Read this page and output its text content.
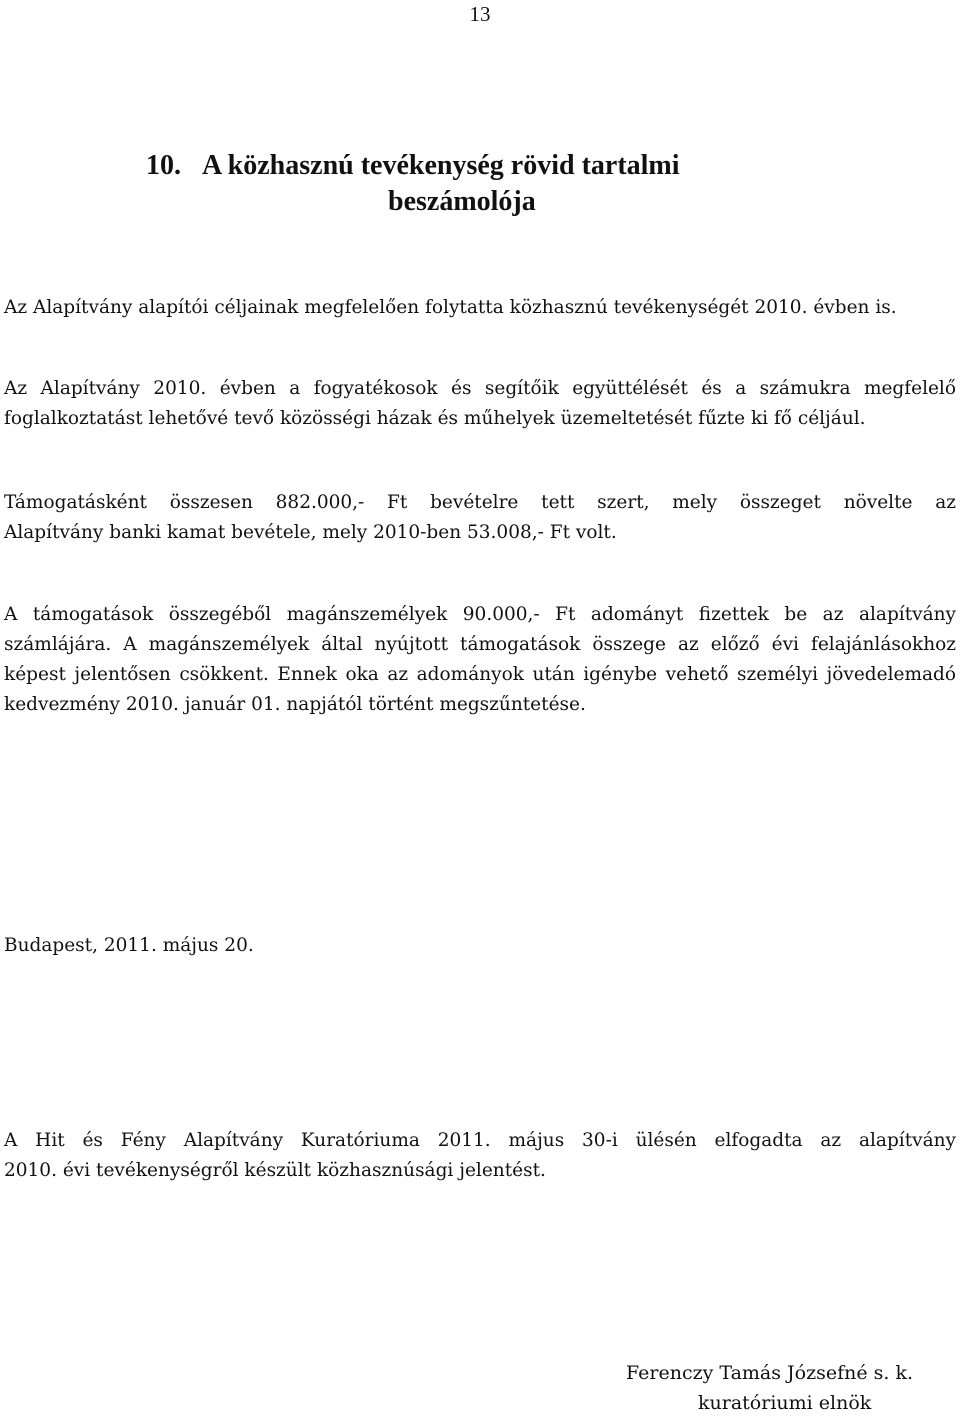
13
10. A közhasznú tevékenység rövid tartalmi
beszámolója
Az Alapítvány alapítói céljainak megfelelően folytatta közhasznú tevékenységét 2010. évben is.
Az Alapítvány 2010. évben a fogyatékosok és segítőik együttélését és a számukra megfelelő foglalkoztatást lehetővé tevő közösségi házak és műhelyek üzemeltetését fűzte ki fő céljául.
Támogatásként összesen 882.000,- Ft bevételre tett szert, mely összeget növelte az Alapítvány banki kamat bevétele, mely 2010-ben 53.008,- Ft volt.
A támogatások összegéből magánszemélyek 90.000,- Ft adományt fizettek be az alapítvány számlájára. A magánszemélyek által nyújtott támogatások összege az előző évi felajánlásokhoz képest jelentősen csökkent. Ennek oka az adományok után igénybe vehető személyi jövedelemadó kedvezmény 2010. január 01. napjától történt megszűntetése.
Budapest, 2011. május 20.
A Hit és Fény Alapítvány Kuratóriuma 2011. május 30-i ülésén elfogadta az alapítvány 2010. évi tevékenységről készült közhasznúsági jelentést.
Ferenczy Tamás Józsefné s. k.
kuratóriumi elnök
